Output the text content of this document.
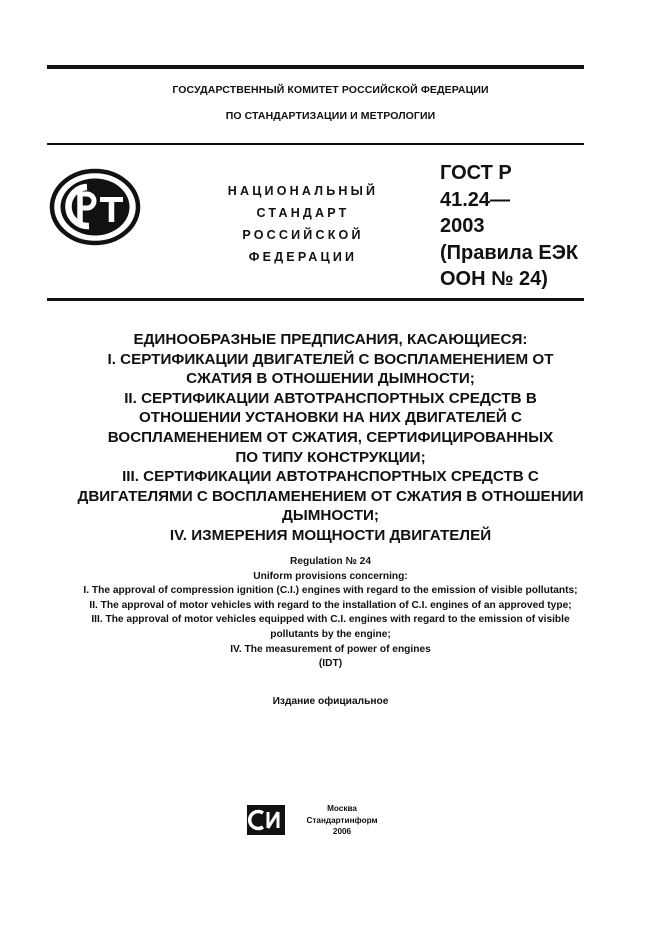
ГОСУДАРСТВЕННЫЙ КОМИТЕТ РОССИЙСКОЙ ФЕДЕРАЦИИ
ПО СТАНДАРТИЗАЦИИ И МЕТРОЛОГИИ
НАЦИОНАЛЬНЫЙ
СТАНДАРТ
РОССИЙСКОЙ
ФЕДЕРАЦИИ
ГОСТ Р
41.24—
2003
(Правила ЕЭК
ООН № 24)
ЕДИНООБРАЗНЫЕ ПРЕДПИСАНИЯ, КАСАЮЩИЕСЯ:
I. СЕРТИФИКАЦИИ ДВИГАТЕЛЕЙ С ВОСПЛАМЕНЕНИЕМ ОТ
СЖАТИЯ В ОТНОШЕНИИ ДЫМНОСТИ;
II. СЕРТИФИКАЦИИ АВТОТРАНСПОРТНЫХ СРЕДСТВ В
ОТНОШЕНИИ УСТАНОВКИ НА НИХ ДВИГАТЕЛЕЙ С
ВОСПЛАМЕНЕНИЕМ ОТ СЖАТИЯ, СЕРТИФИЦИРОВАННЫХ
ПО ТИПУ КОНСТРУКЦИИ;
III. СЕРТИФИКАЦИИ АВТОТРАНСПОРТНЫХ СРЕДСТВ С
ДВИГАТЕЛЯМИ С ВОСПЛАМЕНЕНИЕМ ОТ СЖАТИЯ В ОТНОШЕНИИ
ДЫМНОСТИ;
IV. ИЗМЕРЕНИЯ МОЩНОСТИ ДВИГАТЕЛЕЙ
Regulation № 24
Uniform provisions concerning:
I. The approval of compression ignition (C.I.) engines with regard to the emission of visible pollutants;
II. The approval of motor vehicles with regard to the installation of C.I. engines of an approved type;
III. The approval of motor vehicles equipped with C.I. engines with regard to the emission of visible
pollutants by the engine;
IV. The measurement of power of engines
(IDT)
Издание официальное
Москва
Стандартинформ
2006
